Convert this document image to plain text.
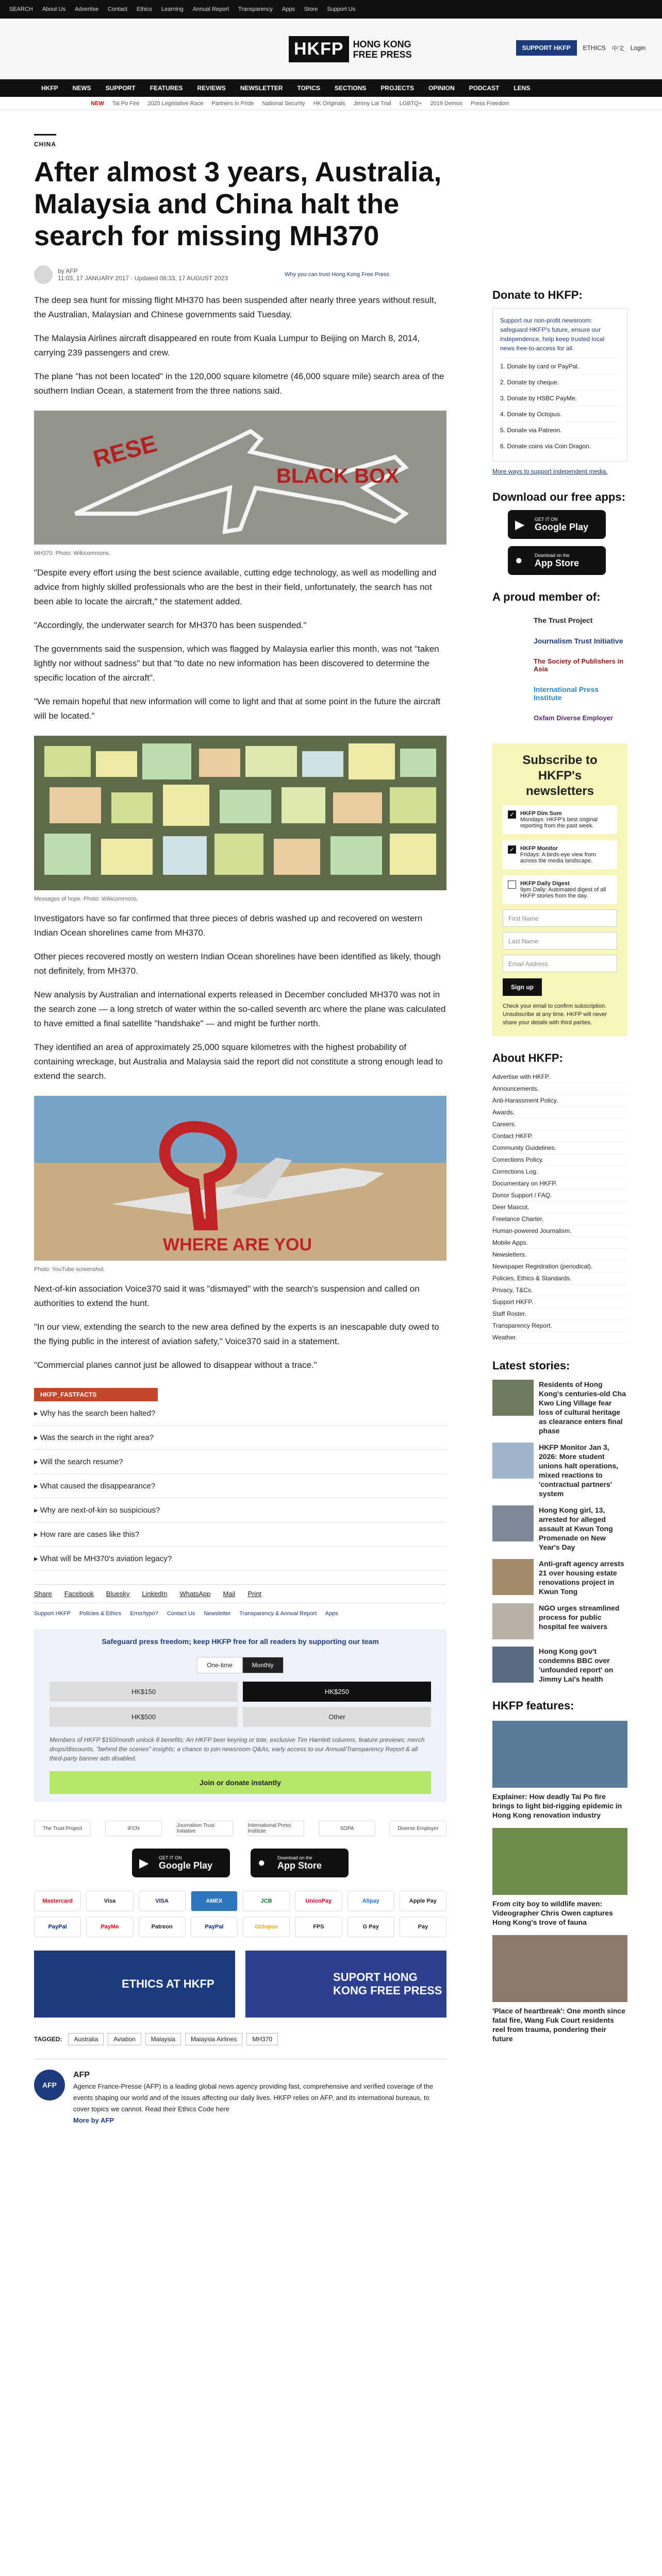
SEARCH About Us Advertise Contact Ethics Learning Annual Report Transparency Apps Store Support Us
HKFP	HONG KONG
FREE PRESS
SUPPORT HKFP	ETHICS 中文 Login
HKFP NEWS SUPPORT FEATURES REVIEWS NEWSLETTER TOPICS SECTIONS PROJECTS OPINION PODCAST LENS
NEW Tai Po Fire 2025 Legislative Race Partners in Pride National Security HK Originals Jimmy Lai Trial LGBTQ+ 2019 Demos Press Freedom
CHINA
After almost 3 years, Australia, Malaysia and China halt the search for missing MH370
by AFP
11:03, 17 JANUARY 2017 · Updated 06:33, 17 AUGUST 2023	Why you can trust Hong Kong Free Press

The deep sea hunt for missing flight MH370 has been suspended after nearly three years without result, the Australian, Malaysian and Chinese governments said Tuesday.

The Malaysia Airlines aircraft disappeared en route from Kuala Lumpur to Beijing on March 8, 2014, carrying 239 passengers and crew.

The plane "has not been located" in the 120,000 square kilometre (46,000 square mile) search area of the southern Indian Ocean, a statement from the three nations said.

RESE
BLACK BOX
MH370. Photo: Wikicommons.

"Despite every effort using the best science available, cutting edge technology, as well as modelling and advice from highly skilled professionals who are the best in their field, unfortunately, the search has not been able to locate the aircraft," the statement added.

"Accordingly, the underwater search for MH370 has been suspended."

The governments said the suspension, which was flagged by Malaysia earlier this month, was not "taken lightly nor without sadness" but that "to date no new information has been discovered to determine the specific location of the aircraft".

"We remain hopeful that new information will come to light and that at some point in the future the aircraft will be located."

Messages of hope. Photo: Wikicommons.

Investigators have so far confirmed that three pieces of debris washed up and recovered on western Indian Ocean shorelines came from MH370.

Other pieces recovered mostly on western Indian Ocean shorelines have been identified as likely, though not definitely, from MH370.

New analysis by Australian and international experts released in December concluded MH370 was not in the search zone — a long stretch of water within the so-called seventh arc where the plane was calculated to have emitted a final satellite "handshake" — and might be further north.

They identified an area of approximately 25,000 square kilometres with the highest probability of containing wreckage, but Australia and Malaysia said the report did not constitute a strong enough lead to extend the search.

WHERE ARE YOU
Photo: YouTube screenshot.

Next-of-kin association Voice370 said it was "dismayed" with the search's suspension and called on authorities to extend the hunt.

"In our view, extending the search to the new area defined by the experts is an inescapable duty owed to the flying public in the interest of aviation safety," Voice370 said in a statement.

"Commercial planes cannot just be allowed to disappear without a trace."

HKFP_FASTFACTS
▸ Why has the search been halted?
▸ Was the search in the right area?
▸ Will the search resume?
▸ What caused the disappearance?
▸ Why are next-of-kin so suspicious?
▸ How rare are cases like this?
▸ What will be MH370's aviation legacy?
Share Facebook Bluesky LinkedIn WhatsApp Mail Print
Support HKFP Policies & Ethics Error/typo? Contact Us Newsletter Transparency & Annual Report Apps
Safeguard press freedom; keep HKFP free for all readers by supporting our team
One-time	Monthly
HK$150	HK$250
HK$500	Other
Members of HKFP $150/month unlock 8 benefits: An HKFP beer keyring or tote, exclusive Tim Hamlett columns, feature previews; merch drops/discounts, "behind the scenes" insights; a chance to join newsroom Q&As, early access to our Annual/Transparency Report & all third-party banner ads disabled.
Join or donate instantly
The Trust Project	IFCN	Journalism Trust Initiative
International Press Institute	SOPA	Diverse Employer
▶ GET IT ON
Google Play	●	Download on the
App Store
Mastercard	Visa	VISA	AMEX	JCB	UnionPay	Alipay	Apple Pay
PayPal	PayMe	Patreon	PayPal	Octopus	FPS	G Pay	Pay
ETHICS AT HKFP
SUPORT HONG KONG FREE PRESS
TAGGED:	Australia	Aviation	Malaysia	Malaysia Airlines	MH370
AFP
AFP
Agence France-Presse (AFP) is a leading global news agency providing fast, comprehensive and verified coverage of the events shaping our world and of the issues affecting our daily lives. HKFP relies on AFP, and its international bureaus, to cover topics we cannot. Read their Ethics Code here
More by AFP
Donate to HKFP:
Support our non-profit newsroom: safeguard HKFP's future, ensure our independence, help keep trusted local news free-to-access for all.
1. Donate by card or PayPal.
2. Donate by cheque.
3. Donate by HSBC PayMe.
4. Donate by Octopus.
5. Donate via Patreon.
6. Donate coins via Coin Dragon.
More ways to support independent media.
Download our free apps:
▶ GET IT ON
Google Play
●	Download on the
App Store
A proud member of:
The Trust Project
Journalism Trust Initiative
The Society of Publishers in Asia
International Press Institute
Oxfam Diverse Employer
Subscribe to HKFP's newsletters
✓ HKFP Dim Sum
Mondays: HKFP's best original reporting from the past week.
✓ HKFP Monitor
Fridays: A birds-eye view from across the media landscape.
HKFP Daily Digest
9pm Daily: Automated digest of all HKFP stories from the day.
First Name
Last Name
Email Address
Sign up
Check your email to confirm subscription. Unsubscribe at any time. HKFP will never share your details with third parties.
About HKFP:
Advertise with HKFP.
Announcements.
Anti-Harassment Policy.
Awards.
Careers.
Contact HKFP.
Community Guidelines.
Corrections Policy.
Corrections Log.
Documentary on HKFP.
Donor Support / FAQ.
Deer Mascot.
Freelance Charter.
Human-powered Journalism.
Mobile Apps.
Newsletters.
Newspaper Registration (periodical).
Policies, Ethics & Standards.
Privacy, T&Cs.
Support HKFP.
Staff Roster.
Transparency Report.
Weather.
Latest stories:
Residents of Hong Kong's centuries-old Cha Kwo Ling Village fear loss of cultural heritage as clearance enters final phase
HKFP Monitor Jan 3, 2026: More student unions halt operations, mixed reactions to 'contractual partners' system
Hong Kong girl, 13, arrested for alleged assault at Kwun Tong Promenade on New Year's Day
Anti-graft agency arrests 21 over housing estate renovations project in Kwun Tong
NGO urges streamlined process for public hospital fee waivers
Hong Kong gov't condemns BBC over 'unfounded report' on Jimmy Lai's health
HKFP features:
Explainer: How deadly Tai Po fire brings to light bid-rigging epidemic in Hong Kong renovation industry
From city boy to wildlife maven: Videographer Chris Owen captures Hong Kong's trove of fauna
'Place of heartbreak': One month since fatal fire, Wang Fuk Court residents reel from trauma, pondering their future
